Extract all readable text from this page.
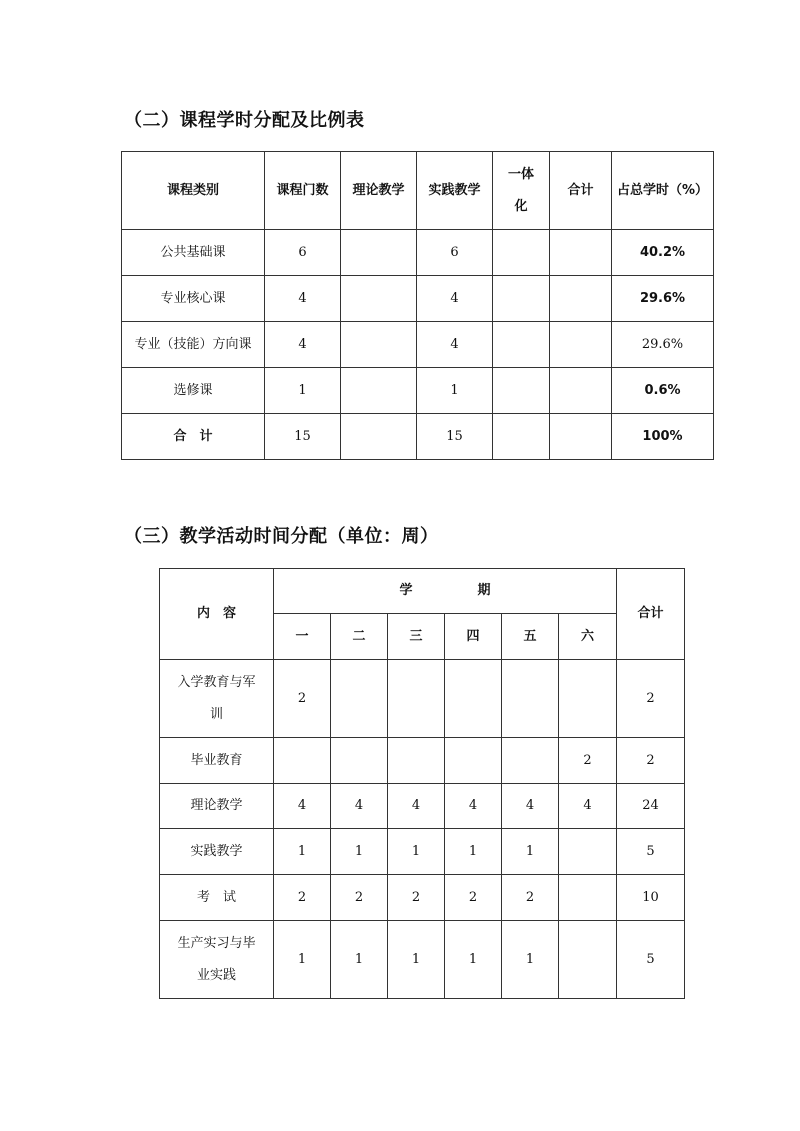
（二）课程学时分配及比例表
课程类别	课程门数	理论教学	实践教学	一体
化	合计	占总学时（%）
公共基础课	6		6			40.2%
专业核心课	4		4			29.6%
专业（技能）方向课	4		4			29.6%
选修课	1		1			0.6%
合　计	15		15			100%
（三）教学活动时间分配（单位：周）
内　容	学　　　　　期						合计
	一	二	三	四	五	六	
入学教育与军
训	2						2
毕业教育						2	2
理论教学	4	4	4	4	4	4	24
实践教学	1	1	1	1	1		5
考　试	2	2	2	2	2		10
生产实习与毕
业实践	1	1	1	1	1		5
